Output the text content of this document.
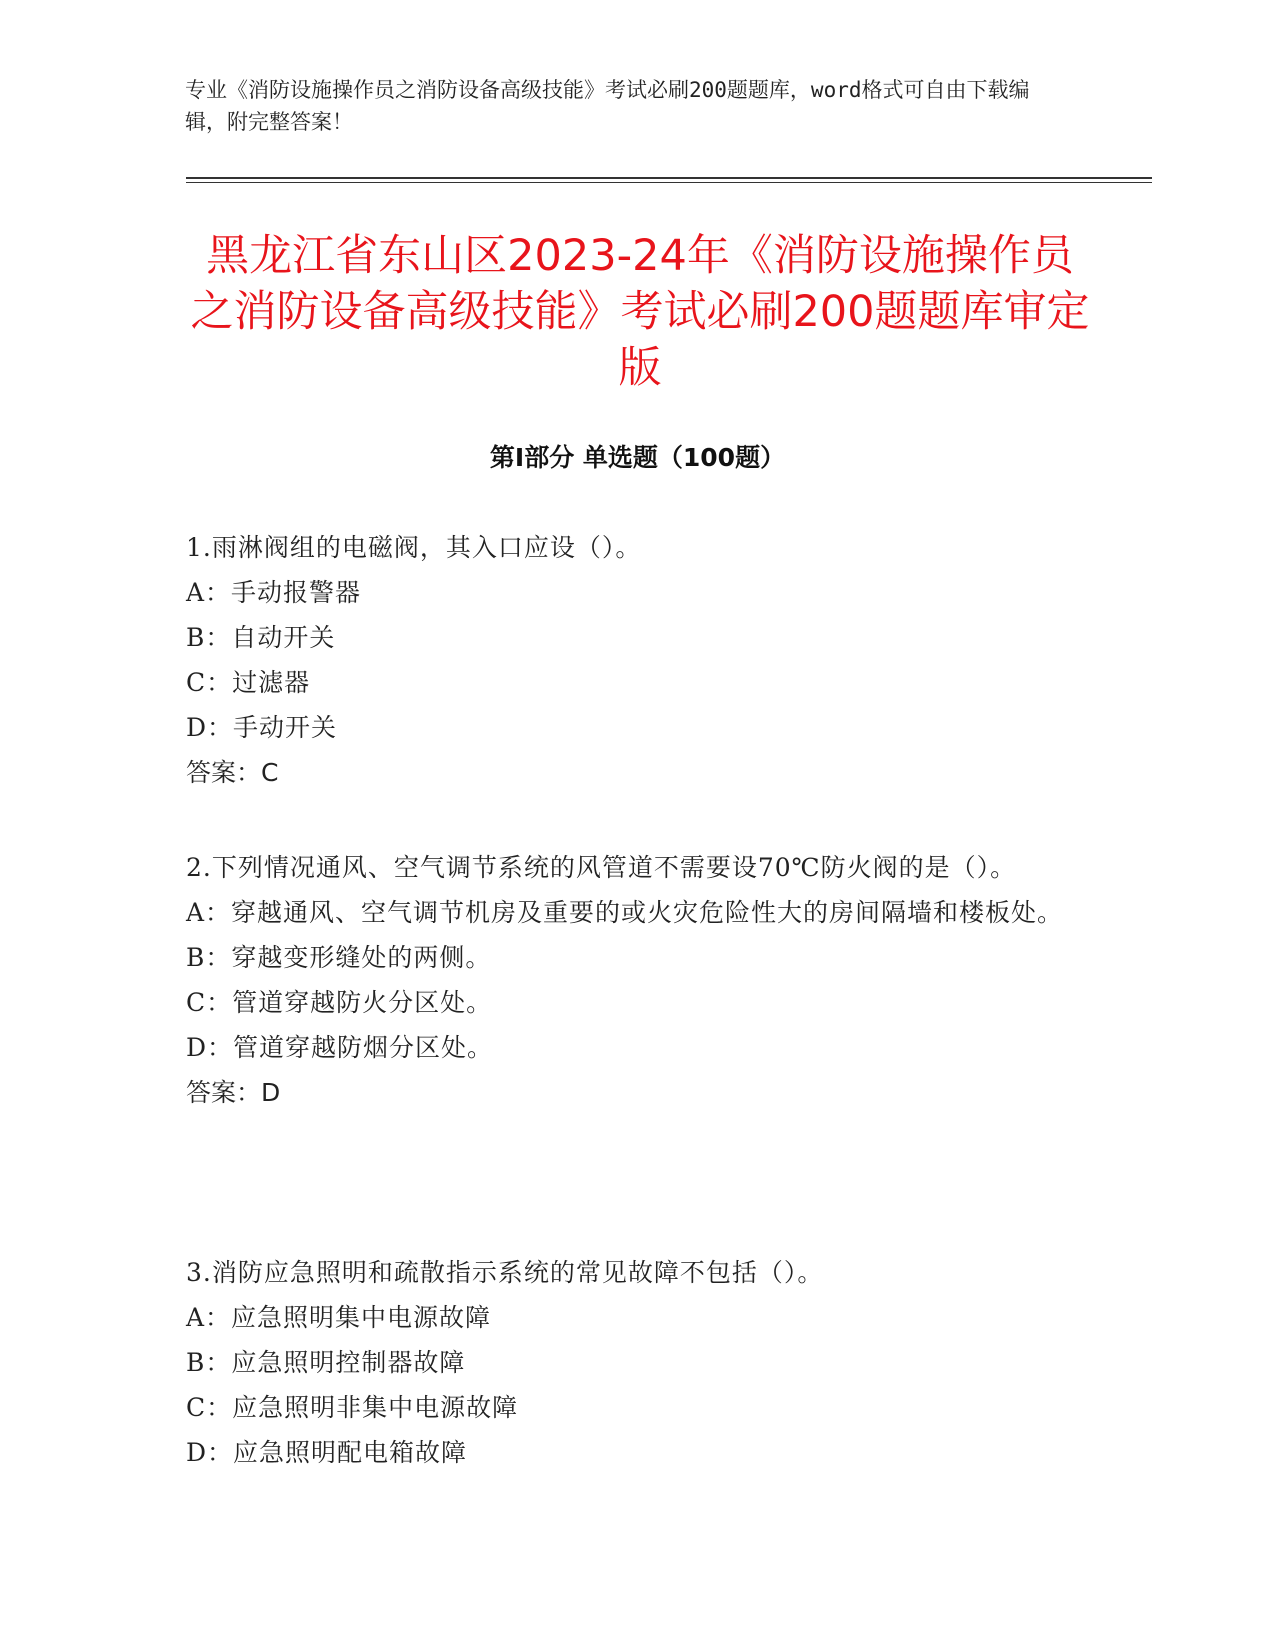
专业《消防设施操作员之消防设备高级技能》考试必刷200题题库，word格式可自由下载编辑，附完整答案！

黑龙江省东山区2023-24年《消防设施操作员之消防设备高级技能》考试必刷200题题库审定版
第Ⅰ部分 单选题（100题）

1.雨淋阀组的电磁阀，其入口应设（）。

A：手动报警器

B：自动开关

C：过滤器

D：手动开关

答案：C

2.下列情况通风、空气调节系统的风管道不需要设70℃防火阀的是（）。

A：穿越通风、空气调节机房及重要的或火灾危险性大的房间隔墙和楼板处。

B：穿越变形缝处的两侧。

C：管道穿越防火分区处。

D：管道穿越防烟分区处。

答案：D

3.消防应急照明和疏散指示系统的常见故障不包括（）。

A：应急照明集中电源故障

B：应急照明控制器故障

C：应急照明非集中电源故障

D：应急照明配电箱故障
